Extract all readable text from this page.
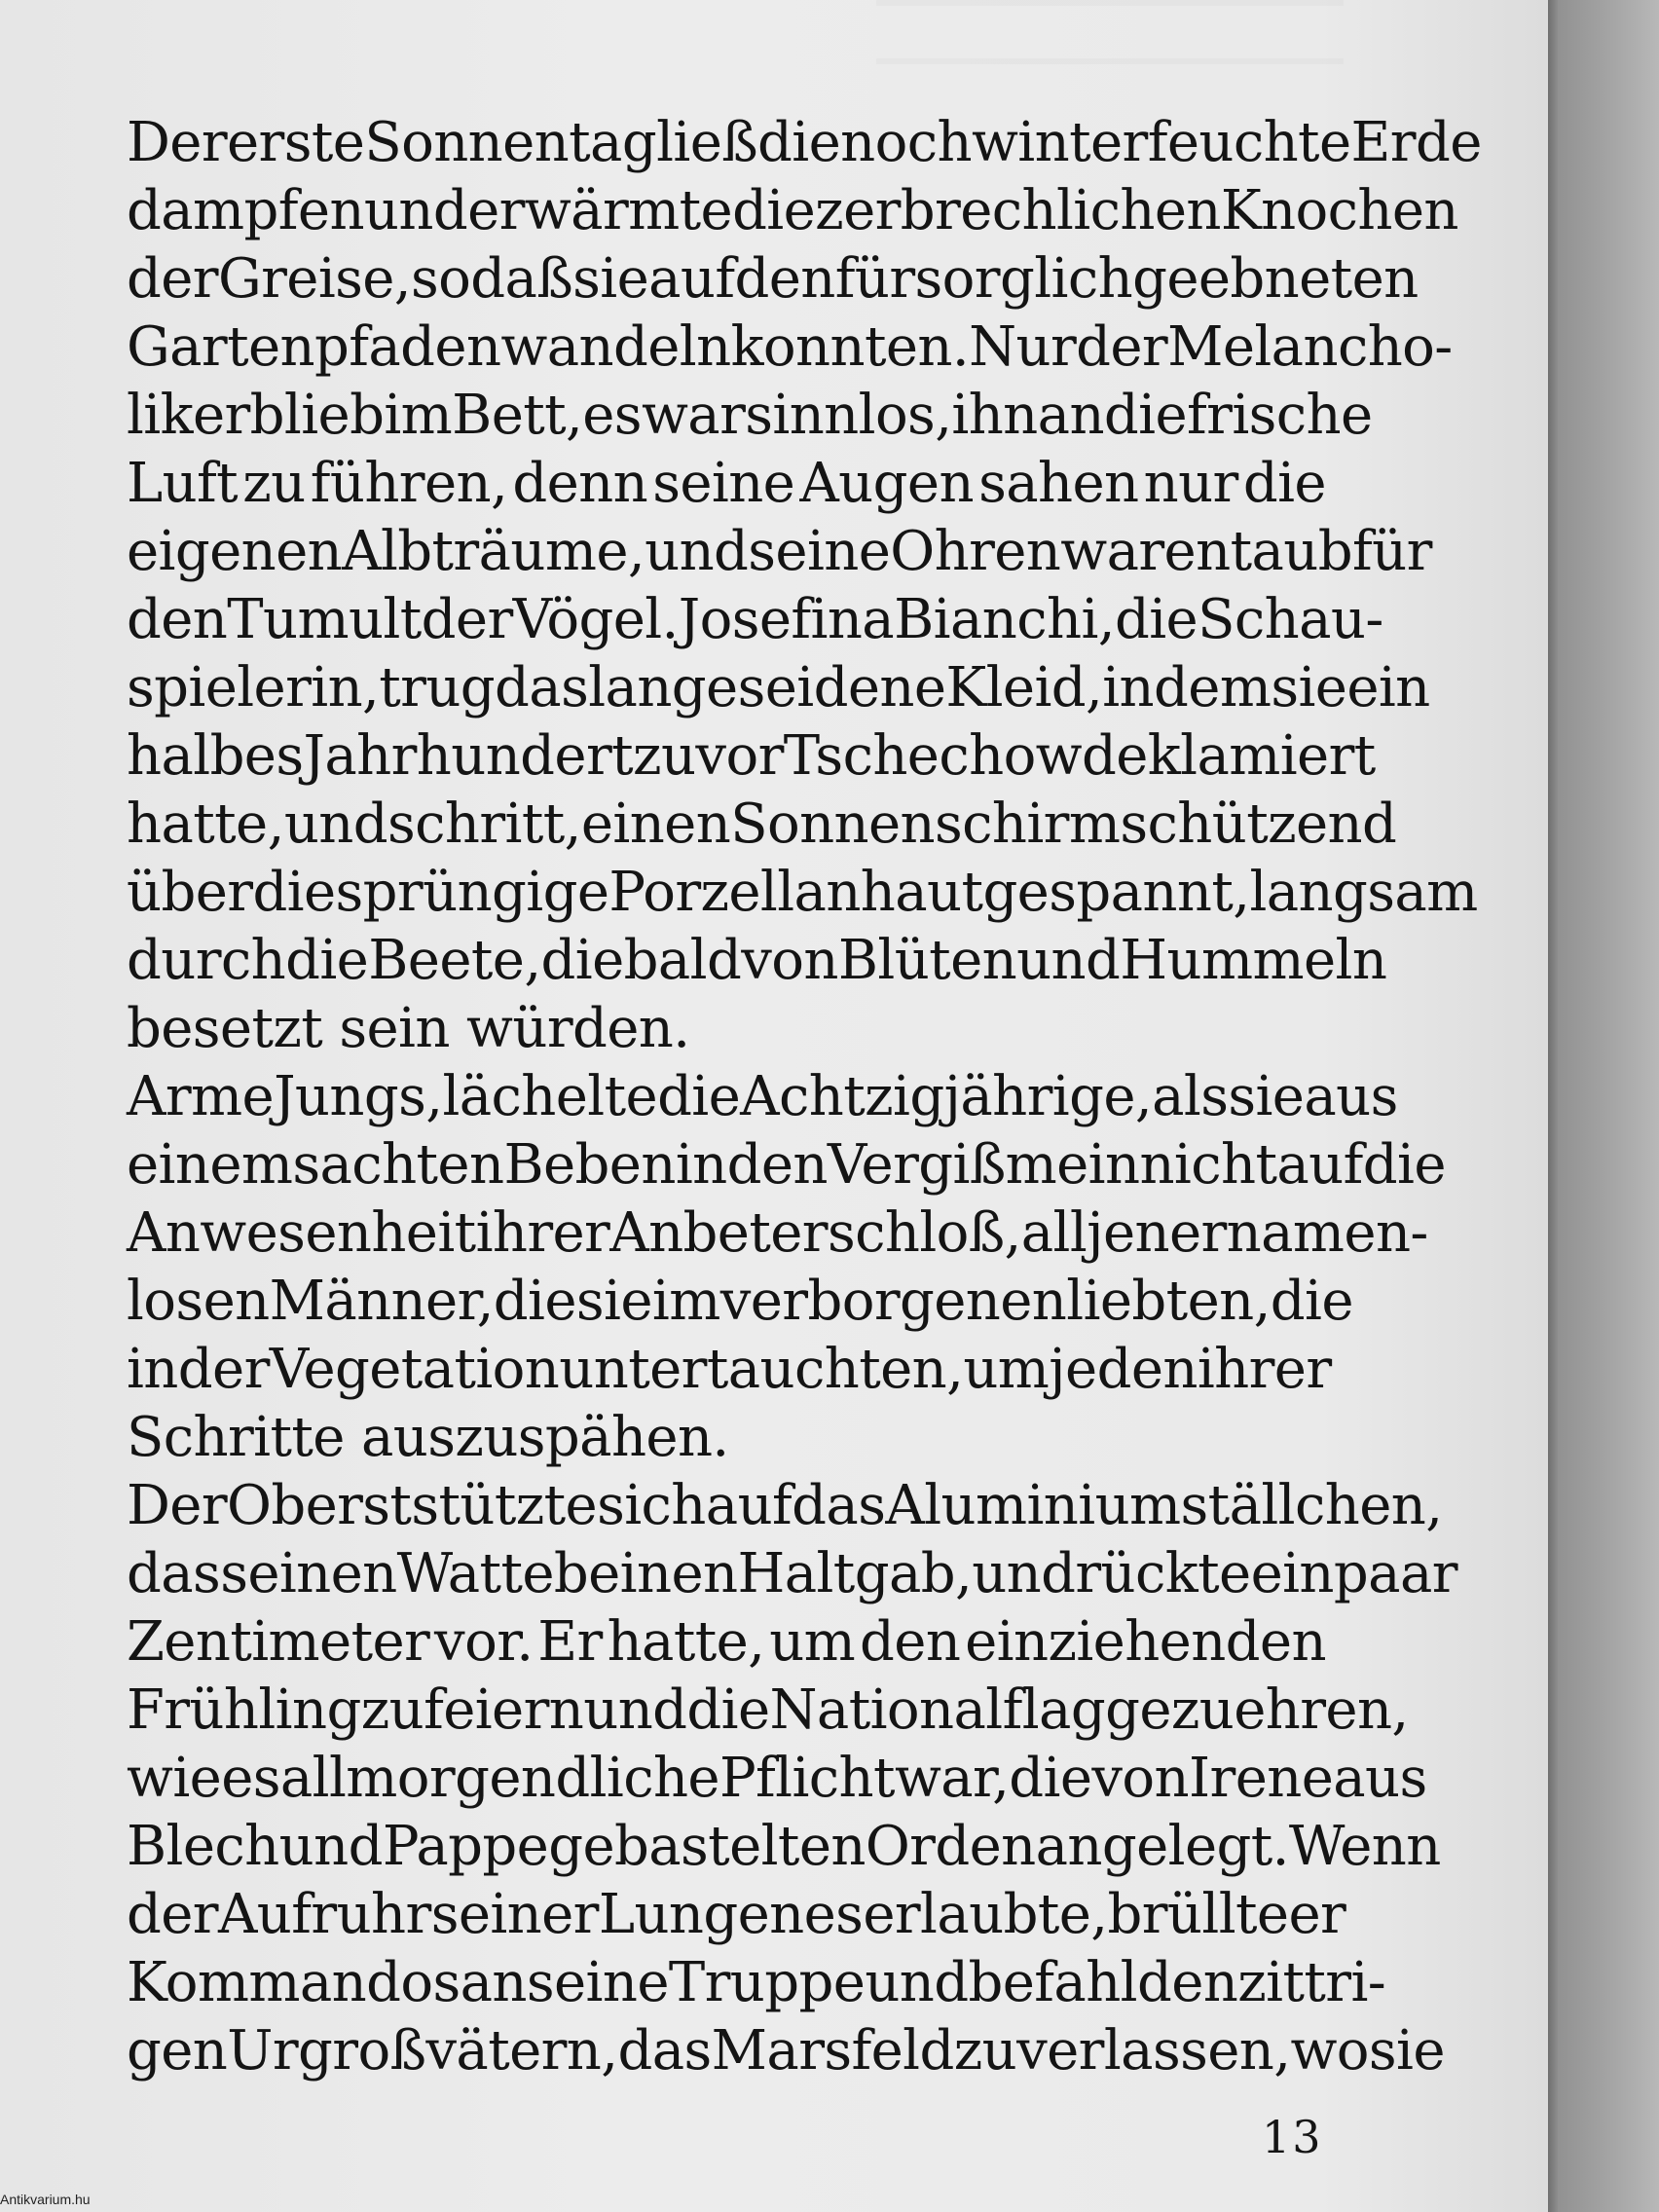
Der erste Sonnentag ließ die noch winterfeuchte Erde
dampfen und erwärmte die zerbrechlichen Knochen
der Greise, so daß sie auf den fürsorglich geebneten
Gartenpfaden wandeln konnten. Nur der Melancho-
liker blieb im Bett, es war sinnlos, ihn an die frische
Luft zu führen, denn seine Augen sahen nur die
eigenen Albträume, und seine Ohren waren taub für
den Tumult der Vögel. Josefina Bianchi, die Schau-
spielerin, trug das lange seidene Kleid, in dem sie ein
halbes Jahrhundert zuvor Tschechow deklamiert
hatte, und schritt, einen Sonnenschirm schützend
über die sprüngige Porzellanhaut gespannt, langsam
durch die Beete, die bald von Blüten und Hummeln
besetzt sein würden.
Arme Jungs, lächelte die Achtzigjährige, als sie aus
einem sachten Beben in den Vergißmeinnicht auf die
Anwesenheit ihrer Anbeter schloß, all jener namen-
losen Männer, die sie im verborgenen liebten, die
in der Vegetation untertauchten, um jeden ihrer
Schritte auszuspähen.
Der Oberst stützte sich auf das Aluminiumställchen,
das seinen Wattebeinen Halt gab, und rückte ein paar
Zentimeter vor. Er hatte, um den einziehenden
Frühling zu feiern und die Nationalflagge zu ehren,
wie es allmorgendliche Pflicht war, die von Irene aus
Blech und Pappe gebastelten Orden angelegt. Wenn
der Aufruhr seiner Lungen es erlaubte, brüllte er
Kommandos an seine Truppe und befahl den zittri-
gen Urgroßvätern, das Marsfeld zu verlassen, wo sie
13
Antikvarium.hu
